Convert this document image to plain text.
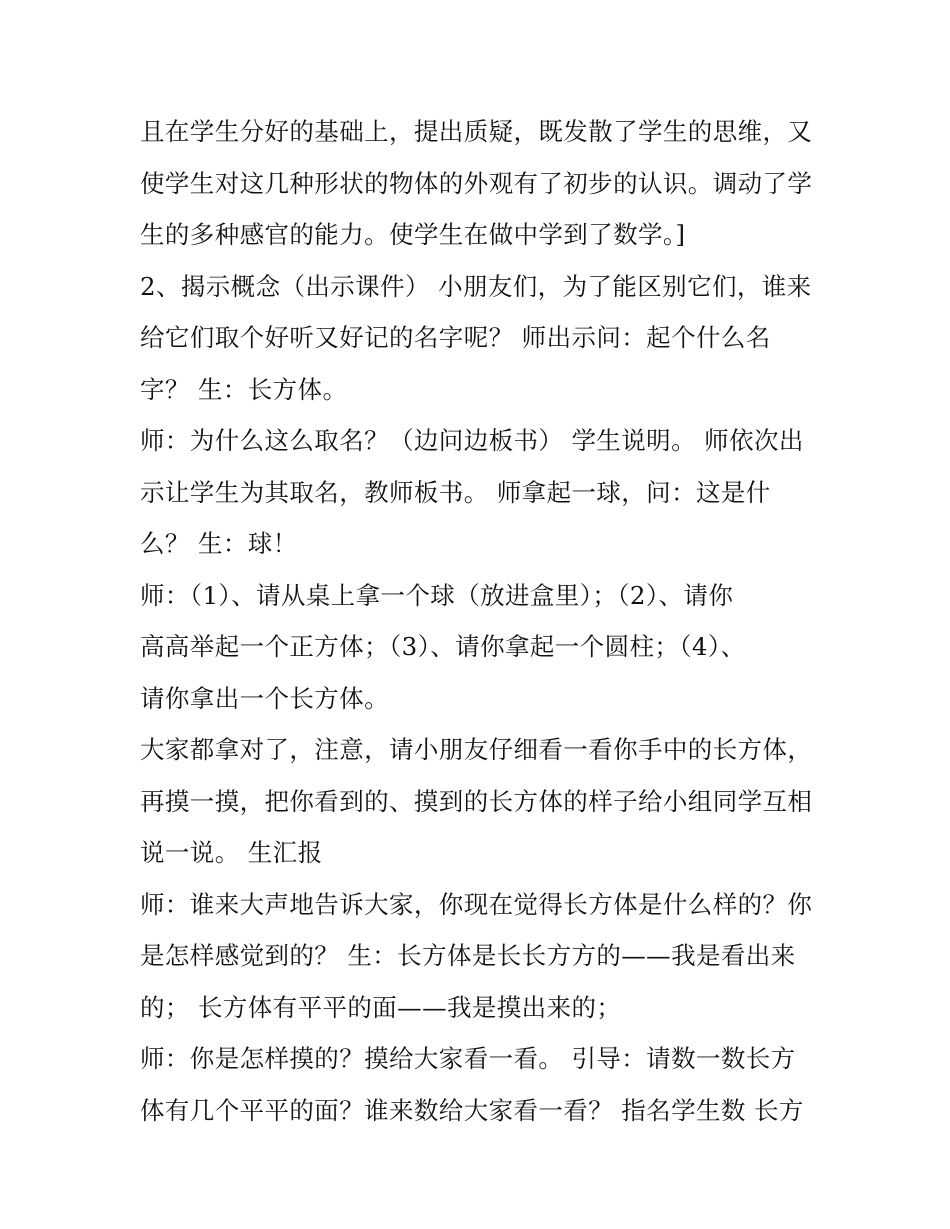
且在学生分好的基础上，提出质疑，既发散了学生的思维，又
使学生对这几种形状的物体的外观有了初步的认识。调动了学
生的多种感官的能力。使学生在做中学到了数学。]
2、揭示概念（出示课件） 小朋友们，为了能区别它们，谁来
给它们取个好听又好记的名字呢？ 师出示问：起个什么名
字？ 生：长方体。
师：为什么这么取名？（边问边板书） 学生说明。 师依次出
示让学生为其取名，教师板书。 师拿起一球，问：这是什
么？ 生：球！
师：（1）、请从桌上拿一个球（放进盒里）；（2）、请你
高高举起一个正方体；（3）、请你拿起一个圆柱；（4）、
请你拿出一个长方体。
大家都拿对了，注意，请小朋友仔细看一看你手中的长方体，
再摸一摸，把你看到的、摸到的长方体的样子给小组同学互相
说一说。 生汇报
师：谁来大声地告诉大家，你现在觉得长方体是什么样的？你
是怎样感觉到的？ 生：长方体是长长方方的——我是看出来
的； 长方体有平平的面——我是摸出来的；
师：你是怎样摸的？摸给大家看一看。 引导：请数一数长方
体有几个平平的面？谁来数给大家看一看？ 指名学生数 长方
